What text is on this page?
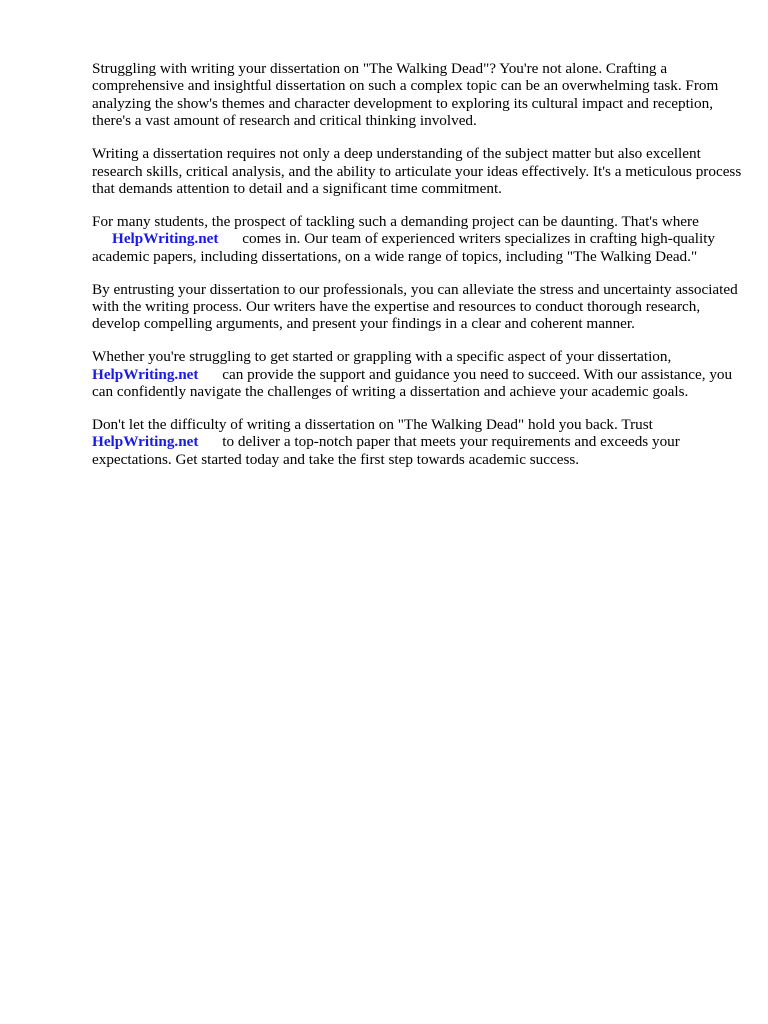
Struggling with writing your dissertation on "The Walking Dead"? You're not alone. Crafting a comprehensive and insightful dissertation on such a complex topic can be an overwhelming task. From analyzing the show's themes and character development to exploring its cultural impact and reception, there's a vast amount of research and critical thinking involved.

Writing a dissertation requires not only a deep understanding of the subject matter but also excellent research skills, critical analysis, and the ability to articulate your ideas effectively. It's a meticulous process that demands attention to detail and a significant time commitment.

For many students, the prospect of tackling such a demanding project can be daunting. That's where
HelpWriting.net comes in. Our team of experienced writers specializes in crafting high-quality academic papers, including dissertations, on a wide range of topics, including "The Walking Dead."

By entrusting your dissertation to our professionals, you can alleviate the stress and uncertainty associated with the writing process. Our writers have the expertise and resources to conduct thorough research, develop compelling arguments, and present your findings in a clear and coherent manner.

Whether you're struggling to get started or grappling with a specific aspect of your dissertation,
HelpWriting.net can provide the support and guidance you need to succeed. With our assistance, you can confidently navigate the challenges of writing a dissertation and achieve your academic goals.

Don't let the difficulty of writing a dissertation on "The Walking Dead" hold you back. Trust
HelpWriting.net to deliver a top-notch paper that meets your requirements and exceeds your expectations. Get started today and take the first step towards academic success.
